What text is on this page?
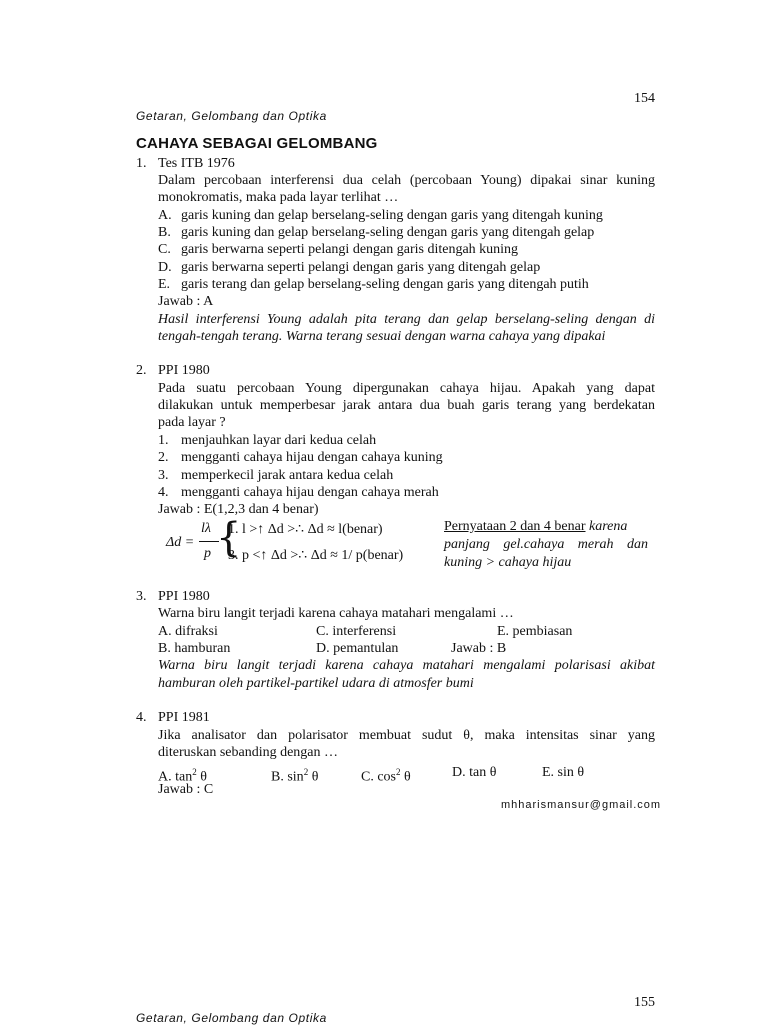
154
Getaran, Gelombang dan Optika
CAHAYA SEBAGAI GELOMBANG
1. Tes ITB 1976
Dalam percobaan interferensi dua celah (percobaan Young) dipakai sinar kuning
monokromatis, maka pada layar terlihat …
A. garis kuning dan gelap berselang-seling dengan garis yang ditengah kuning
B. garis kuning dan gelap berselang-seling dengan garis yang ditengah gelap
C. garis berwarna seperti pelangi dengan garis ditengah kuning
D. garis berwarna seperti pelangi dengan garis yang ditengah gelap
E. garis terang dan gelap berselang-seling dengan garis yang ditengah putih
Jawab : A
Hasil interferensi Young adalah pita terang dan gelap berselang-seling dengan di
tengah-tengah terang. Warna terang sesuai dengan warna cahaya yang dipakai
2. PPI 1980
Pada suatu percobaan Young dipergunakan cahaya hijau. Apakah yang dapat
dilakukan untuk memperbesar jarak antara dua buah garis terang yang berdekatan
pada layar ?
1. menjauhkan layar dari kedua celah
2. mengganti cahaya hijau dengan cahaya kuning
3. memperkecil jarak antara kedua celah
4. mengganti cahaya hijau dengan cahaya merah
Jawab : E(1,2,3 dan 4 benar)
Δd =
lλ
p {
1. l >↑ Δd >∴ Δd ≈ l(benar)
3. p <↑ Δd >∴ Δd ≈ 1/ p(benar)
Pernyataan 2 dan 4 benar karena
panjang gel.cahaya merah dan
kuning > cahaya hijau
3. PPI 1980
Warna biru langit terjadi karena cahaya matahari mengalami …
A. difraksi	C. interferensi	E. pembiasan
B. hamburan	D. pemantulan	Jawab : B
Warna biru langit terjadi karena cahaya matahari mengalami polarisasi akibat
hamburan oleh partikel-partikel udara di atmosfer bumi
4. PPI 1981
Jika analisator dan polarisator membuat sudut θ, maka intensitas sinar yang
diteruskan sebanding dengan …
A. $\tan^2 \theta$	B. $\sin^2 \theta$	C. $\cos^2 \theta$	D. tan θ	E. sin θ
Jawab : C
mhharismansur@gmail.com
155
Getaran, Gelombang dan Optika
